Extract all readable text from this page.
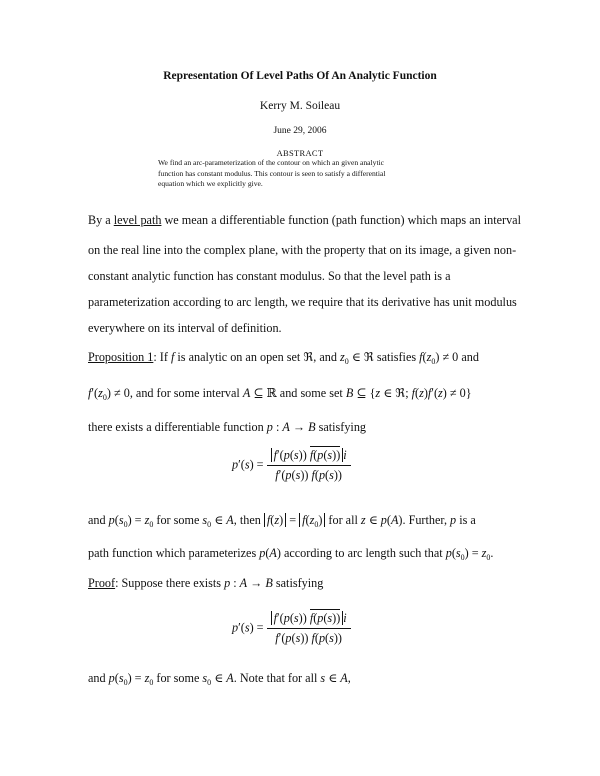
Representation Of Level Paths Of An Analytic Function
Kerry M. Soileau
June 29, 2006
ABSTRACT
We find an arc-parameterization of the contour on which an given analytic
function has constant modulus. This contour is seen to satisfy a differential
equation which we explicitly give.
By a level path we mean a differentiable function (path function) which maps an interval
on the real line into the complex plane, with the property that on its image, a given non-
constant analytic function has constant modulus. So that the level path is a
parameterization according to arc length, we require that its derivative has unit modulus
everywhere on its interval of definition.
Proposition 1: If f is analytic on an open set ℜ, and $z_0$ ∈ ℜ satisfies $f(z_0) \ne 0$ and
$f'(z_0) \ne 0$, and for some interval A ⊆ ℝ and some set B ⊆ {z ∈ ℜ; f(z)f′(z) ≠ 0}
there exists a differentiable function p : A → B satisfying
$p'(s) = \frac{f'(p(s)) f(p(s)) i}{f'(p(s)) f(p(s))}$
and $p(s_0) = z_0$ for some $s_0$ ∈ A, then $f(z) = f(z_0)$ for all z ∈ p(A). Further, p is a
path function which parameterizes p(A) according to arc length such that $p(s_0) = z_0$.
Proof: Suppose there exists p : A → B satisfying
$p'(s) = \frac{f'(p(s)) f(p(s)) i}{f'(p(s)) f(p(s))}$
and $p(s_0) = z_0$ for some $s_0$ ∈ A. Note that for all s ∈ A,
